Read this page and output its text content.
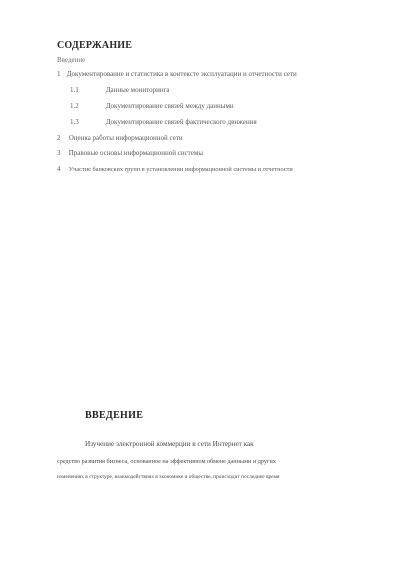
СОДЕРЖАНИЕ
Введение
1 Документирование и статистика в контексте эксплуатации и отчетности сети
1.1	Данные мониторинга
1.2	Документирование связей между данными
1.3	Документирование связей фактического движения
2 Оценка работы информационной сети
3 Правовые основы информационной системы
4 Участие банковских групп в установлении информационной системы и отчетности
ВВЕДЕНИЕ
Изучение электронной коммерции в сети Интернет как
средство развития бизнеса, основанное на эффективном обмене данными и других
изменениях в структуре, взаимодействиях в экономике и обществе, происходит последнее время
